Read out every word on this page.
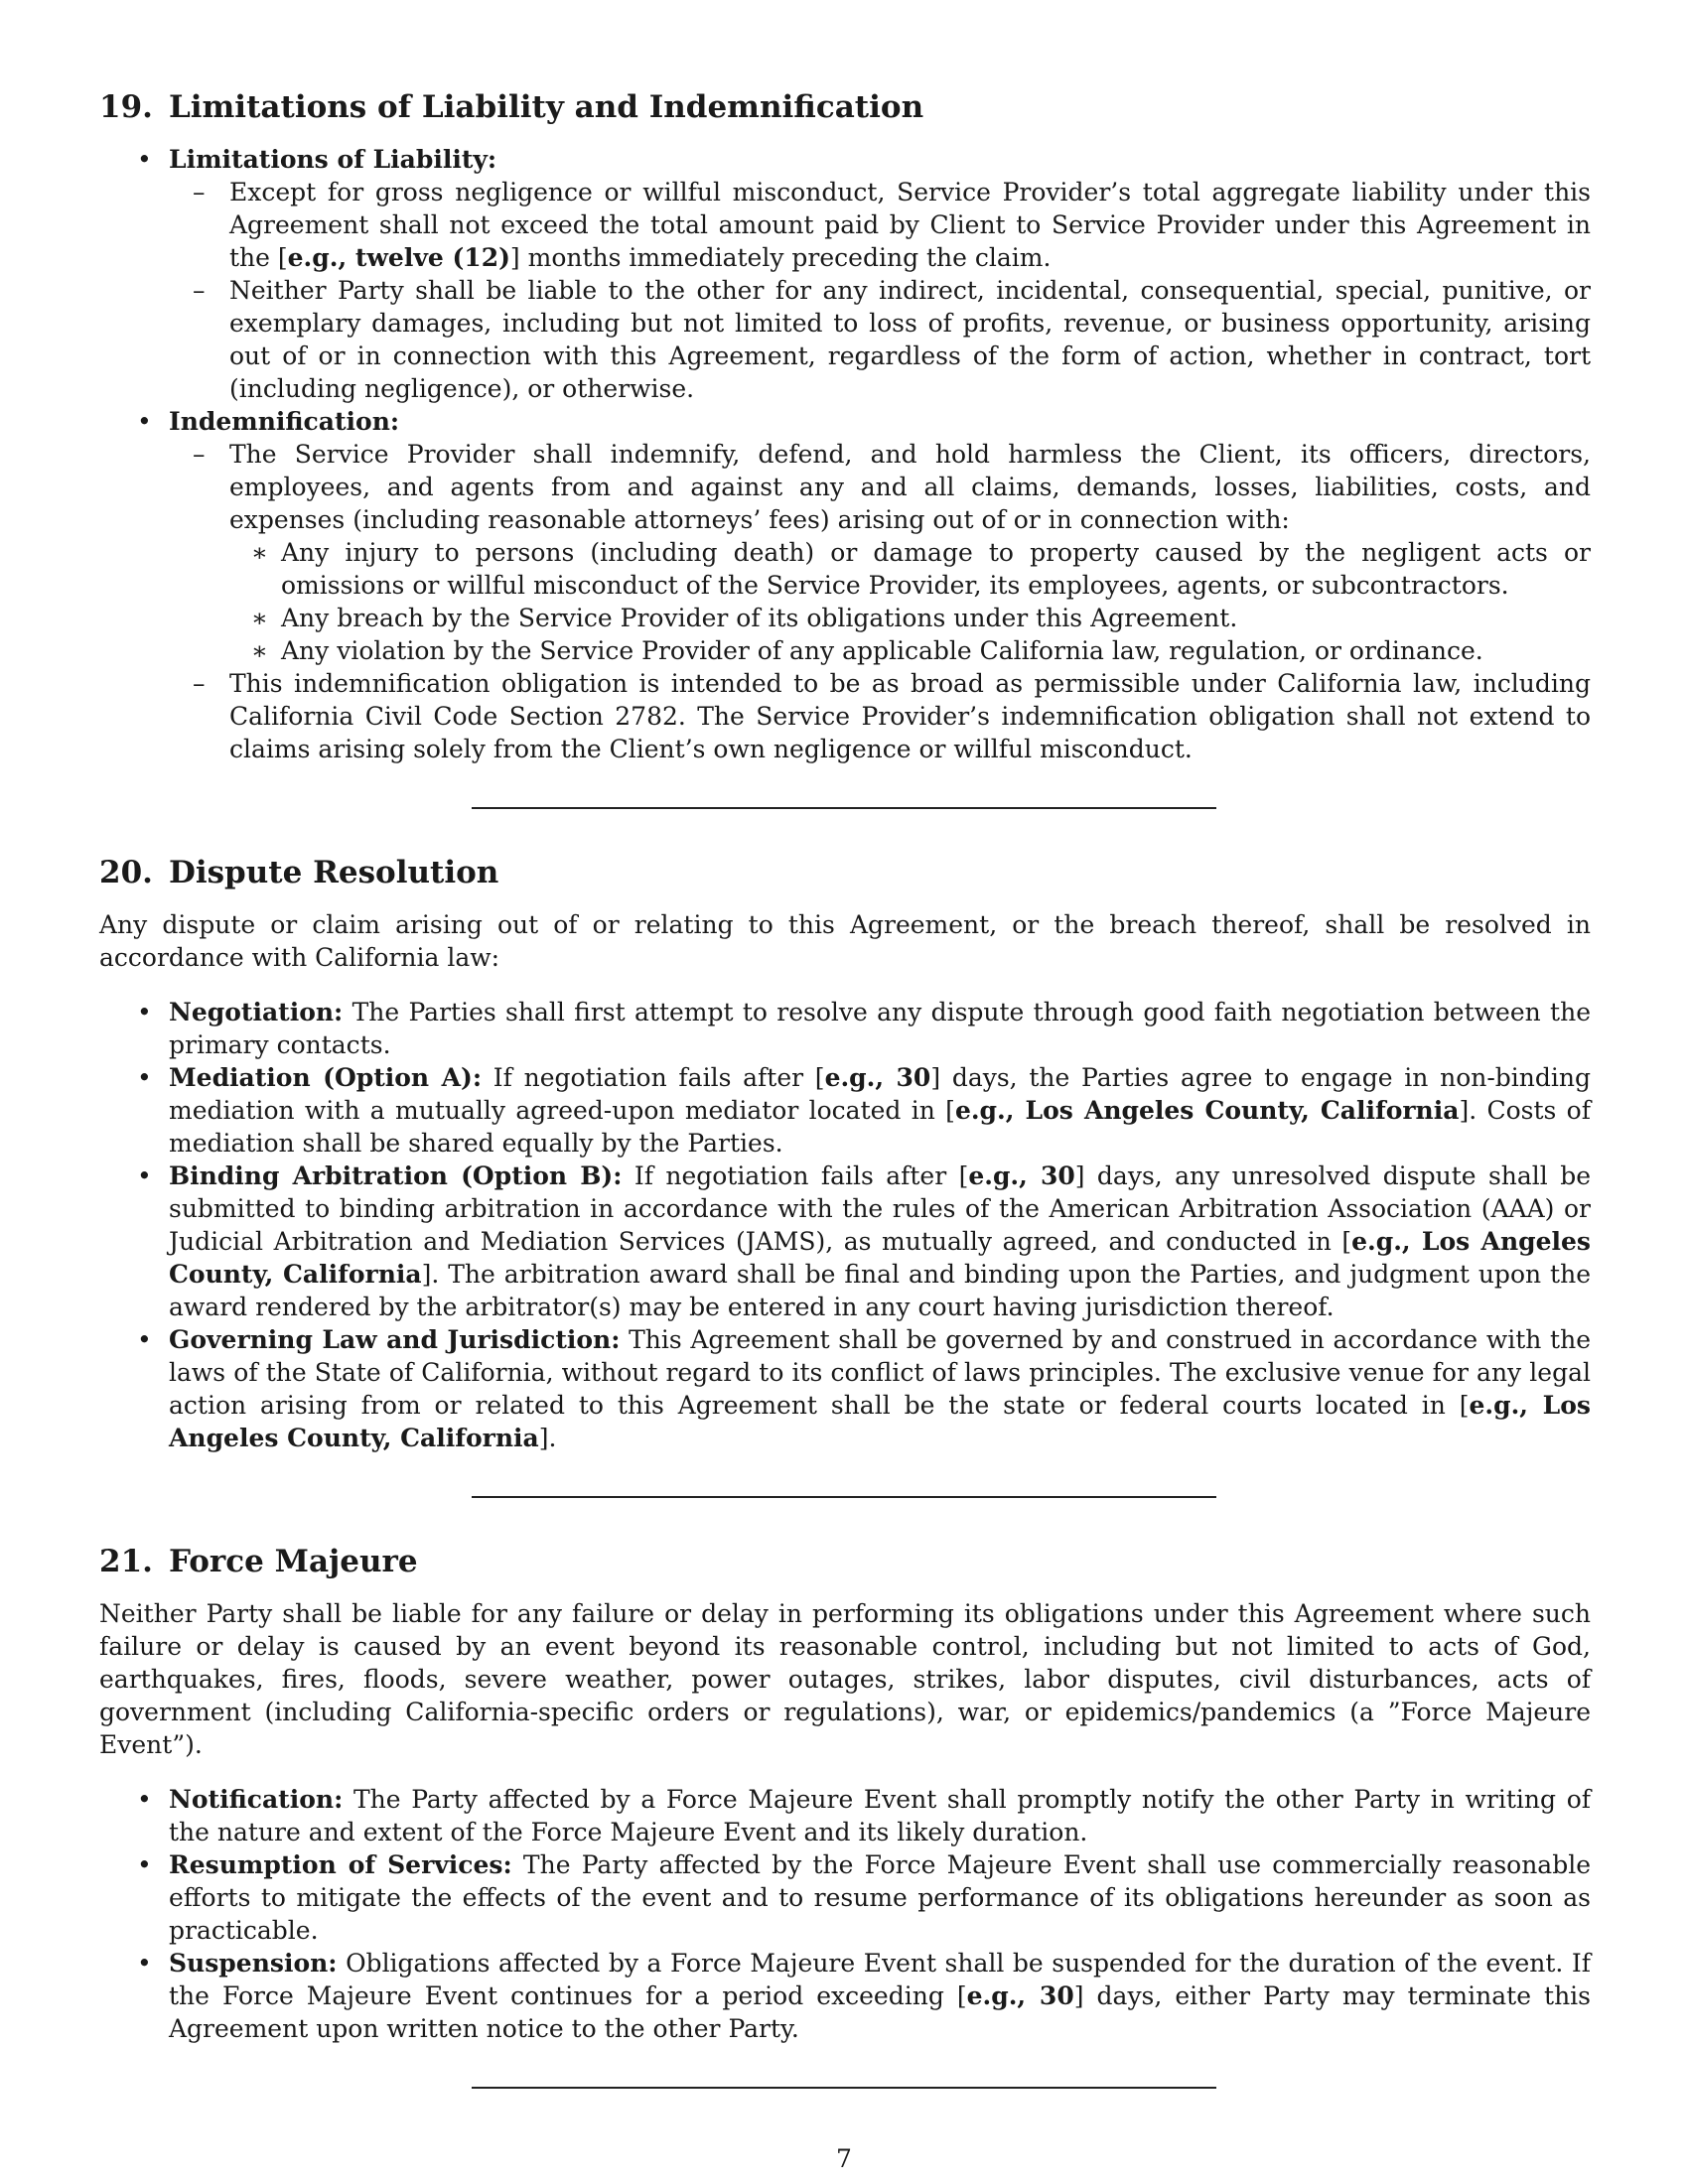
19. Limitations of Liability and Indemnification
• Limitations of Liability:
– Except for gross negligence or willful misconduct, Service Provider’s total aggregate liability under this Agreement shall not exceed the total amount paid by Client to Service Provider under this Agreement in the [e.g., twelve (12)] months immediately preceding the claim.
– Neither Party shall be liable to the other for any indirect, incidental, consequential, special, punitive, or exemplary damages, including but not limited to loss of profits, revenue, or business opportunity, arising out of or in connection with this Agreement, regardless of the form of action, whether in contract, tort (including negligence), or otherwise.
• Indemnification:
– The Service Provider shall indemnify, defend, and hold harmless the Client, its officers, directors, employees, and agents from and against any and all claims, demands, losses, liabilities, costs, and expenses (including reasonable attorneys’ fees) arising out of or in connection with:
∗ Any injury to persons (including death) or damage to property caused by the negligent acts or omissions or willful misconduct of the Service Provider, its employees, agents, or subcontractors.
∗ Any breach by the Service Provider of its obligations under this Agreement.
∗ Any violation by the Service Provider of any applicable California law, regulation, or ordinance.
– This indemnification obligation is intended to be as broad as permissible under California law, including California Civil Code Section 2782. The Service Provider’s indemnification obligation shall not extend to claims arising solely from the Client’s own negligence or willful misconduct.
20. Dispute Resolution

Any dispute or claim arising out of or relating to this Agreement, or the breach thereof, shall be resolved in accordance with California law:

• Negotiation: The Parties shall first attempt to resolve any dispute through good faith negotiation between the primary contacts.
• Mediation (Option A): If negotiation fails after [e.g., 30] days, the Parties agree to engage in non-binding mediation with a mutually agreed-upon mediator located in [e.g., Los Angeles County, California]. Costs of mediation shall be shared equally by the Parties.
• Binding Arbitration (Option B): If negotiation fails after [e.g., 30] days, any unresolved dispute shall be submitted to binding arbitration in accordance with the rules of the American Arbitration Association (AAA) or Judicial Arbitration and Mediation Services (JAMS), as mutually agreed, and conducted in [e.g., Los Angeles County, California]. The arbitration award shall be final and binding upon the Parties, and judgment upon the award rendered by the arbitrator(s) may be entered in any court having jurisdiction thereof.
• Governing Law and Jurisdiction: This Agreement shall be governed by and construed in accordance with the laws of the State of California, without regard to its conflict of laws principles. The exclusive venue for any legal action arising from or related to this Agreement shall be the state or federal courts located in [e.g., Los Angeles County, California].
21. Force Majeure

Neither Party shall be liable for any failure or delay in performing its obligations under this Agreement where such failure or delay is caused by an event beyond its reasonable control, including but not limited to acts of God, earthquakes, fires, floods, severe weather, power outages, strikes, labor disputes, civil disturbances, acts of government (including California-specific orders or regulations), war, or epidemics/pandemics (a ”Force Majeure Event”).

• Notification: The Party affected by a Force Majeure Event shall promptly notify the other Party in writing of the nature and extent of the Force Majeure Event and its likely duration.
• Resumption of Services: The Party affected by the Force Majeure Event shall use commercially reasonable efforts to mitigate the effects of the event and to resume performance of its obligations hereunder as soon as practicable.
• Suspension: Obligations affected by a Force Majeure Event shall be suspended for the duration of the event. If the Force Majeure Event continues for a period exceeding [e.g., 30] days, either Party may terminate this Agreement upon written notice to the other Party.
7
